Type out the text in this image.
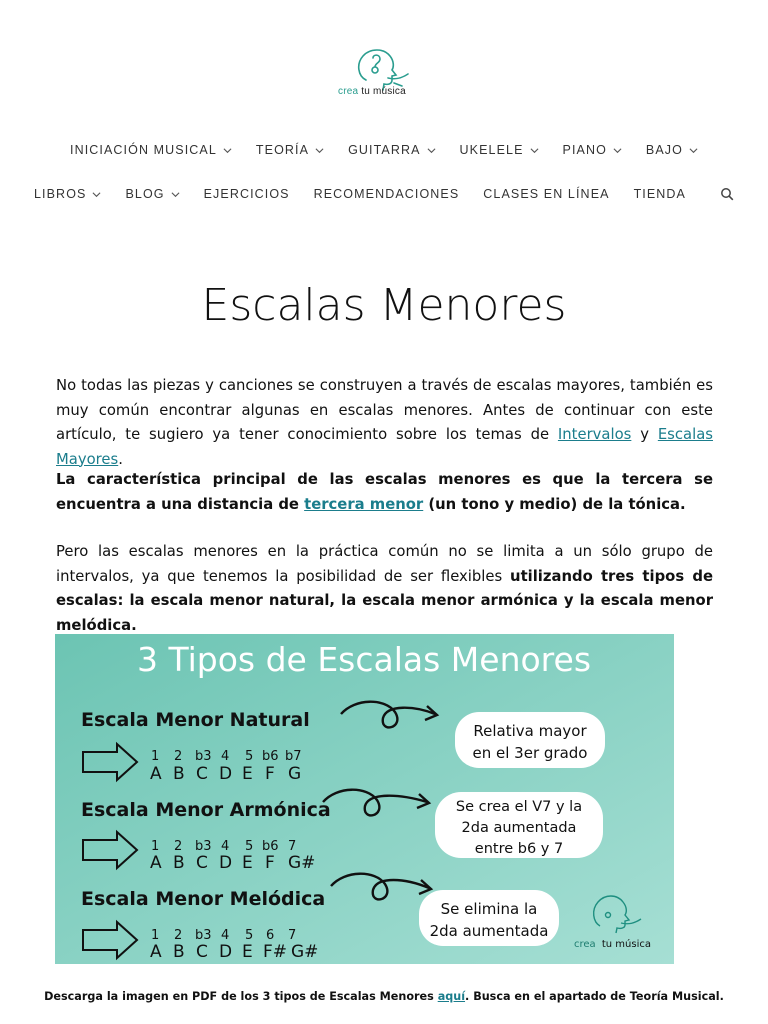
crea tu música
INICIACIÓN MUSICAL	TEORÍA	GUITARRA	UKELELE	PIANO	BAJO
LIBROS	BLOG	EJERCICIOS RECOMENDACIONES CLASES EN LÍNEA TIENDA
Escalas Menores

No todas las piezas y canciones se construyen a través de escalas mayores, también es muy común encontrar algunas en escalas menores. Antes de continuar con este artículo, te sugiero ya tener conocimiento sobre los temas de Intervalos y Escalas Mayores.

La característica principal de las escalas menores es que la tercera se encuentra a una distancia de tercera menor (un tono y medio) de la tónica.

Pero las escalas menores en la práctica común no se limita a un sólo grupo de intervalos, ya que tenemos la posibilidad de ser flexibles utilizando tres tipos de escalas: la escala menor natural, la escala menor armónica y la escala menor melódica.

3 Tipos de Escalas Menores
Escala Menor Natural
1 2 b3 4 5 b6 b7
A B C D E F G
Relativa mayor
en el 3er grado
Escala Menor Armónica
1 2 b3 4 5 b6 7
A B C D E F G#
Se crea el V7 y la
2da aumentada
entre b6 y 7
Escala Menor Melódica
1 2 b3 4 5 6 7
A B C D E F# G#
Se elimina la
2da aumentada
crea tu música
Descarga la imagen en PDF de los 3 tipos de Escalas Menores aquí. Busca en el apartado de Teoría Musical.
